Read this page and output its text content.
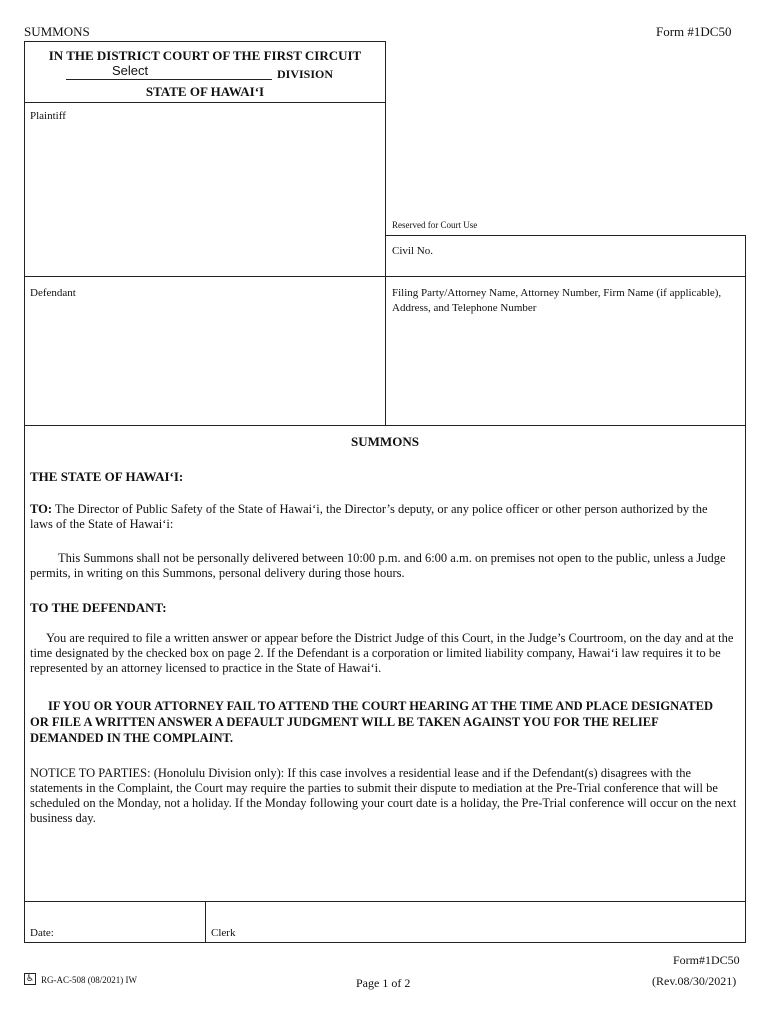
SUMMONS	Form #1DC50
IN THE DISTRICT COURT OF THE FIRST CIRCUIT
Select	DIVISION
STATE OF HAWAI‘I
Plaintiff
Defendant
Reserved for Court Use
Civil No.
Filing Party/Attorney Name, Attorney Number, Firm Name (if applicable), Address, and Telephone Number
SUMMONS
THE STATE OF HAWAI‘I:
TO: The Director of Public Safety of the State of Hawai‘i, the Director’s deputy, or any police officer or other person authorized by the laws of the State of Hawai‘i:
This Summons shall not be personally delivered between 10:00 p.m. and 6:00 a.m. on premises not open to the public, unless a Judge permits, in writing on this Summons, personal delivery during those hours.
TO THE DEFENDANT:
You are required to file a written answer or appear before the District Judge of this Court, in the Judge’s Courtroom, on the day and at the time designated by the checked box on page 2. If the Defendant is a corporation or limited liability company, Hawai‘i law requires it to be represented by an attorney licensed to practice in the State of Hawai‘i.
IF YOU OR YOUR ATTORNEY FAIL TO ATTEND THE COURT HEARING AT THE TIME AND PLACE DESIGNATED OR FILE A WRITTEN ANSWER A DEFAULT JUDGMENT WILL BE TAKEN AGAINST YOU FOR THE RELIEF DEMANDED IN THE COMPLAINT.
NOTICE TO PARTIES: (Honolulu Division only): If this case involves a residential lease and if the Defendant(s) disagrees with the statements in the Complaint, the Court may require the parties to submit their dispute to mediation at the Pre-Trial conference that will be scheduled on the Monday, not a holiday. If the Monday following your court date is a holiday, the Pre-Trial conference will occur on the next business day.
Date:	Clerk
♿ RG-AC-508 (08/2021) IW	Page 1 of 2
Form#1DC50
(Rev.08/30/2021)
